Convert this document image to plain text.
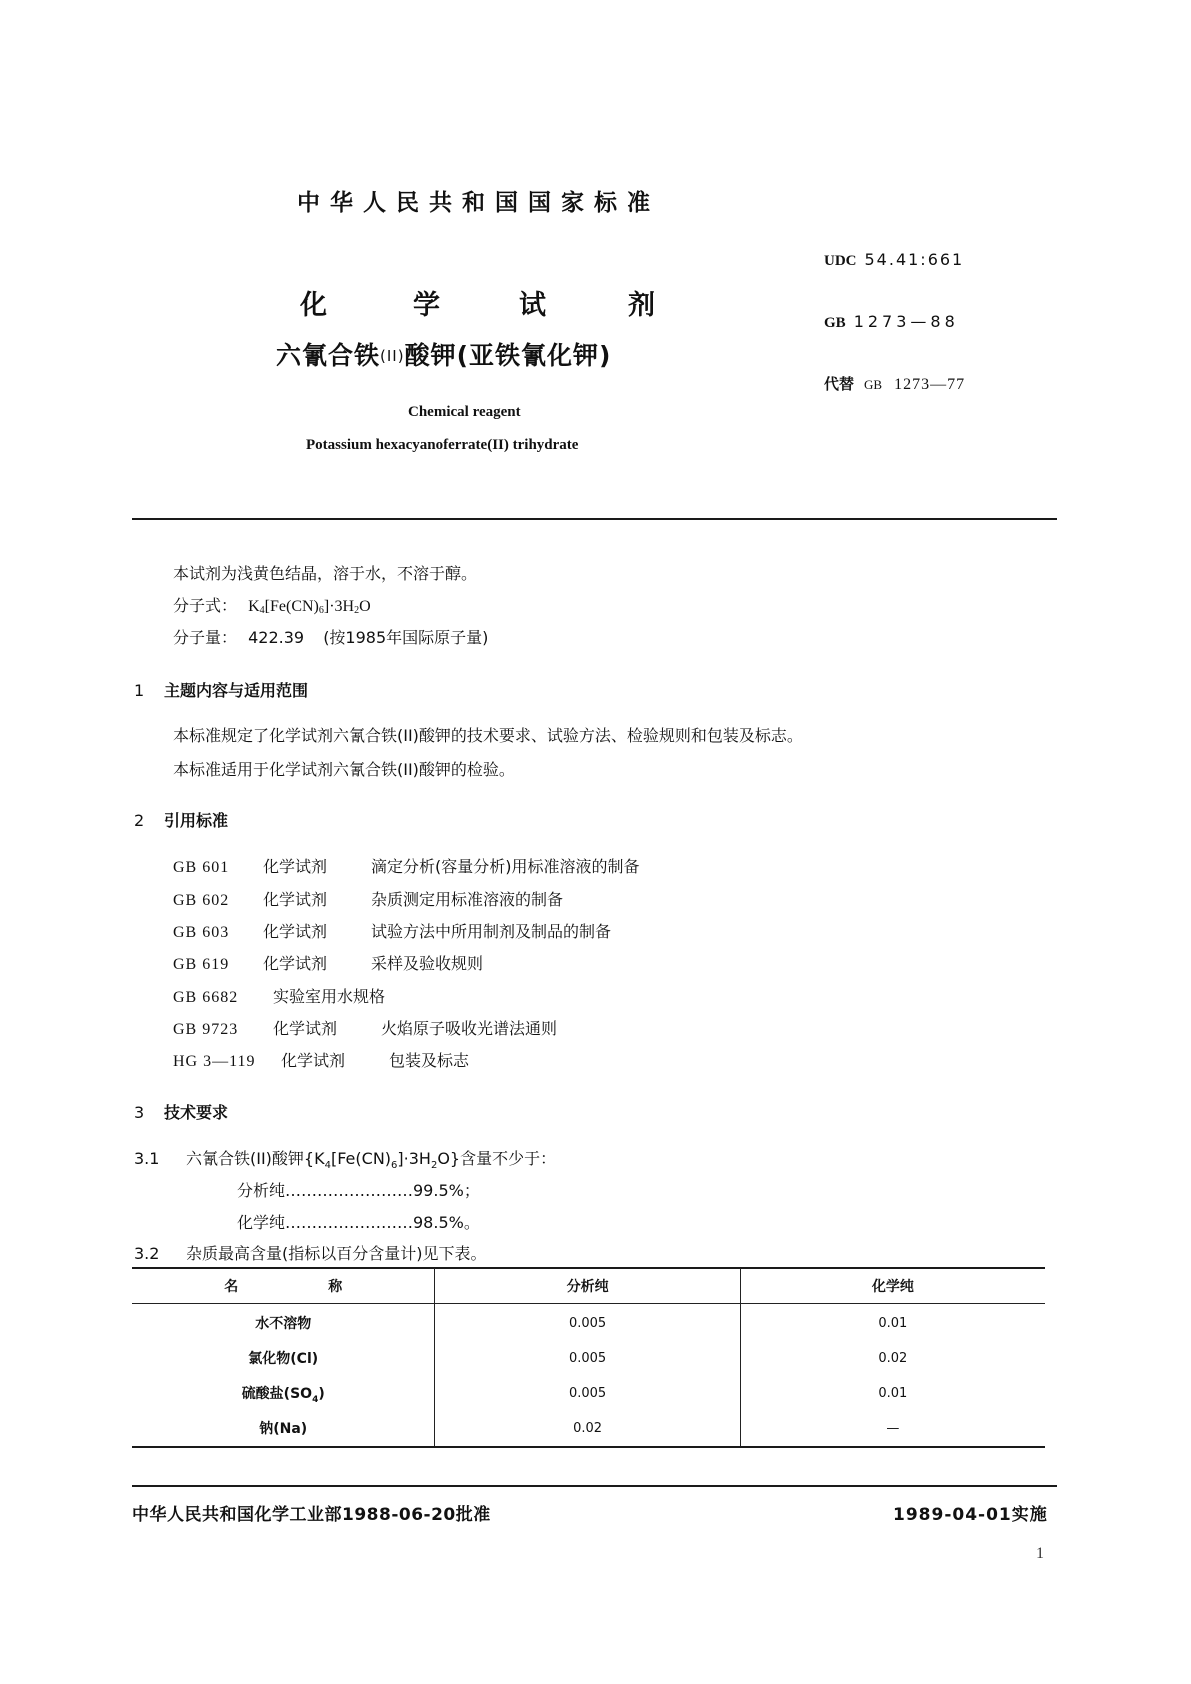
中华人民共和国国家标准
化	学	试	剂
六氰合铁$^{(II)}$酸钾(亚铁氰化钾)
Chemical reagent
Potassium hexacyanoferrate(II) trihydrate
UDC 54.41:661
GB 1273—88
代替 GB 1273—77
本试剂为浅黄色结晶，溶于水，不溶于醇。
分子式： $K_4[Fe(CN)_6]\cdot 3H_2O$
分子量： 422.39 (按1985年国际原子量)
1 主题内容与适用范围
本标准规定了化学试剂六氰合铁(II)酸钾的技术要求、试验方法、检验规则和包装及标志。
本标准适用于化学试剂六氰合铁(II)酸钾的检验。
2 引用标准
GB 601 化学试剂	滴定分析(容量分析)用标准溶液的制备
GB 602 化学试剂	杂质测定用标准溶液的制备
GB 603 化学试剂	试验方法中所用制剂及制品的制备
GB 619 化学试剂	采样及验收规则
GB 6682 实验室用水规格
GB 9723 化学试剂	火焰原子吸收光谱法通则
HG 3—119 化学试剂	包装及标志
3 技术要求
3.1 六氰合铁(II)酸钾$\{K_4[Fe(CN)_6]\cdot 3H_2O\}$含量不少于：
分析纯……………………99.5%；
化学纯……………………98.5%。
3.2 杂质最高含量(指标以百分含量计)见下表。
名 称	分析纯	化学纯
水不溶物	0.005	0.01
氯化物(Cl)	0.005	0.02
硫酸盐$(SO_4)$	0.005	0.01
钠(Na)	0.02	—
中华人民共和国化学工业部1988-06-20批准	1989-04-01实施
1
